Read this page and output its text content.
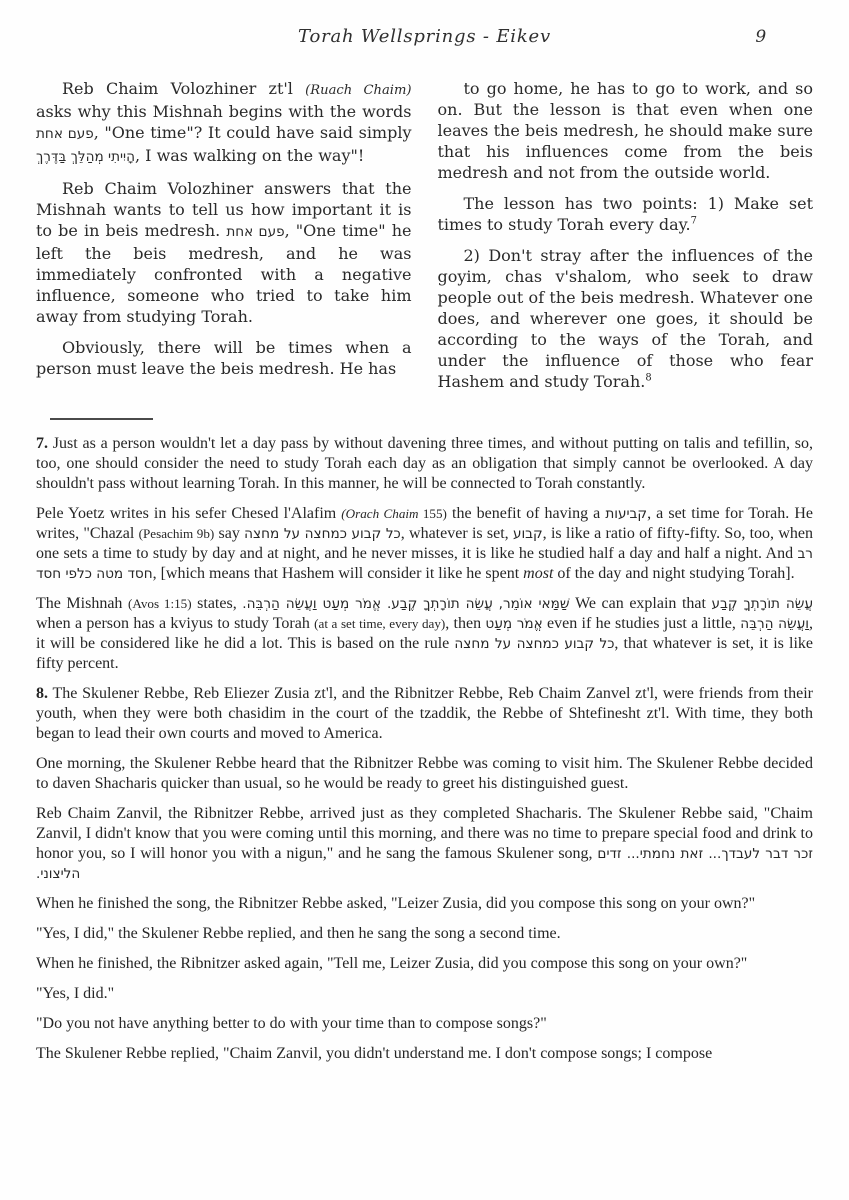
Torah Wellsprings - Eikev	9

Reb Chaim Volozhiner zt'l (Ruach Chaim) asks why this Mishnah begins with the words פעם אחת, "One time"? It could have said simply הָיִיתִי מְהַלֵּךְ בַּדֶּרֶךְ, I was walking on the way"!

Reb Chaim Volozhiner answers that the Mishnah wants to tell us how important it is to be in beis medresh. פעם אחת, "One time" he left the beis medresh, and he was immediately confronted with a negative influence, someone who tried to take him away from studying Torah.

Obviously, there will be times when a person must leave the beis medresh. He has

to go home, he has to go to work, and so on. But the lesson is that even when one leaves the beis medresh, he should make sure that his influences come from the beis medresh and not from the outside world.

The lesson has two points: 1) Make set times to study Torah every day.$^7$

2) Don't stray after the influences of the goyim, chas v'shalom, who seek to draw people out of the beis medresh. Whatever one does, and wherever one goes, it should be according to the ways of the Torah, and under the influence of those who fear Hashem and study Torah.$^8$

7. Just as a person wouldn't let a day pass by without davening three times, and without putting on talis and tefillin, so, too, one should consider the need to study Torah each day as an obligation that simply cannot be overlooked. A day shouldn't pass without learning Torah. In this manner, he will be connected to Torah constantly.

Pele Yoetz writes in his sefer Chesed l'Alafim (Orach Chaim 155) the benefit of having a קביעות, a set time for Torah. He writes, "Chazal (Pesachim 9b) say כל קבוע כמחצה על מחצה, whatever is set, קבוע, is like a ratio of fifty-fifty. So, too, when one sets a time to study by day and at night, and he never misses, it is like he studied half a day and half a night. And רב חסד מטה כלפי חסד, [which means that Hashem will consider it like he spent most of the day and night studying Torah].

The Mishnah (Avos 1:15) states, שַׁמַּאי אוֹמֵר, עֲשֵׂה תוֹרָתְךָ קֶבַע. אֱמֹר מְעַט וַעֲשֵׂה הַרְבֵּה. We can explain that עֲשֵׂה תוֹרָתְךָ קֶבַע when a person has a kviyus to study Torah (at a set time, every day), then אֱמֹר מְעַט even if he studies just a little, וַעֲשֵׂה הַרְבֵּה, it will be considered like he did a lot. This is based on the rule כל קבוע כמחצה על מחצה, that whatever is set, it is like fifty percent.

8. The Skulener Rebbe, Reb Eliezer Zusia zt'l, and the Ribnitzer Rebbe, Reb Chaim Zanvel zt'l, were friends from their youth, when they were both chasidim in the court of the tzaddik, the Rebbe of Shtefinesht zt'l. With time, they both began to lead their own courts and moved to America.

One morning, the Skulener Rebbe heard that the Ribnitzer Rebbe was coming to visit him. The Skulener Rebbe decided to daven Shacharis quicker than usual, so he would be ready to greet his distinguished guest.

Reb Chaim Zanvil, the Ribnitzer Rebbe, arrived just as they completed Shacharis. The Skulener Rebbe said, "Chaim Zanvil, I didn't know that you were coming until this morning, and there was no time to prepare special food and drink to honor you, so I will honor you with a nigun," and he sang the famous Skulener song, זכר דבר לעבדך... זאת נחמתי... זדים הליצוני.

When he finished the song, the Ribnitzer Rebbe asked, "Leizer Zusia, did you compose this song on your own?"

"Yes, I did," the Skulener Rebbe replied, and then he sang the song a second time.

When he finished, the Ribnitzer asked again, "Tell me, Leizer Zusia, did you compose this song on your own?"

"Yes, I did."

"Do you not have anything better to do with your time than to compose songs?"

The Skulener Rebbe replied, "Chaim Zanvil, you didn't understand me. I don't compose songs; I compose
